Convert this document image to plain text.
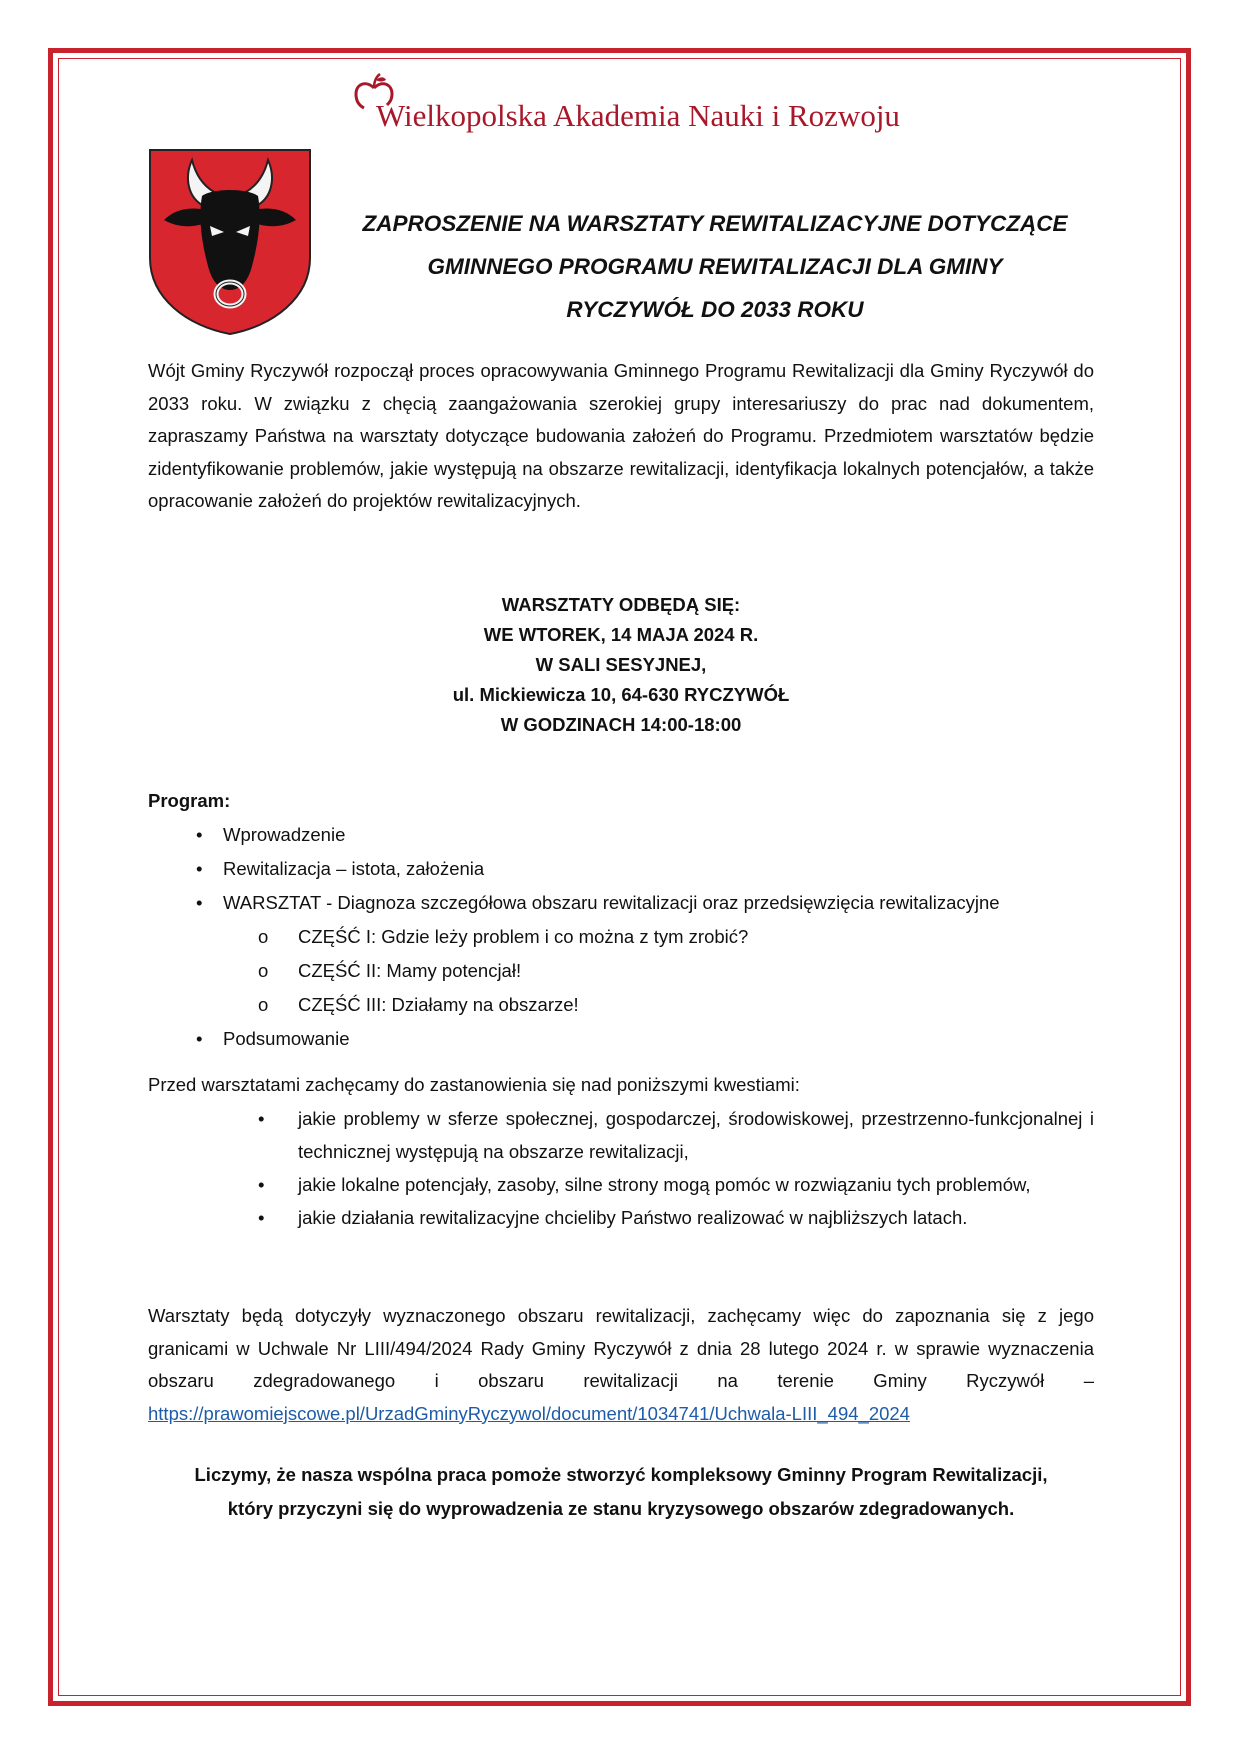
Wielkopolska Akademia Nauki i Rozwoju
ZAPROSZENIE NA WARSZTATY REWITALIZACYJNE DOTYCZĄCE
GMINNEGO PROGRAMU REWITALIZACJI DLA GMINY
RYCZYWÓŁ DO 2033 ROKU
Wójt Gminy Ryczywół rozpoczął proces opracowywania Gminnego Programu Rewitalizacji dla Gminy Ryczywół do 2033 roku. W związku z chęcią zaangażowania szerokiej grupy interesariuszy do prac nad dokumentem, zapraszamy Państwa na warsztaty dotyczące budowania założeń do Programu. Przedmiotem warsztatów będzie zidentyfikowanie problemów, jakie występują na obszarze rewitalizacji, identyfikacja lokalnych potencjałów, a także opracowanie założeń do projektów rewitalizacyjnych.
WARSZTATY ODBĘDĄ SIĘ:
WE WTOREK, 14 MAJA 2024 R.
W SALI SESYJNEJ,
ul. Mickiewicza 10, 64-630 RYCZYWÓŁ
W GODZINACH 14:00-18:00
Program:
• Wprowadzenie
• Rewitalizacja – istota, założenia
• WARSZTAT - Diagnoza szczegółowa obszaru rewitalizacji oraz przedsięwzięcia rewitalizacyjne
o CZĘŚĆ I: Gdzie leży problem i co można z tym zrobić?
o CZĘŚĆ II: Mamy potencjał!
o CZĘŚĆ III: Działamy na obszarze!
• Podsumowanie
Przed warsztatami zachęcamy do zastanowienia się nad poniższymi kwestiami:
• jakie problemy w sferze społecznej, gospodarczej, środowiskowej, przestrzenno-funkcjonalnej i technicznej występują na obszarze rewitalizacji,
• jakie lokalne potencjały, zasoby, silne strony mogą pomóc w rozwiązaniu tych problemów,
• jakie działania rewitalizacyjne chcieliby Państwo realizować w najbliższych latach.
Warsztaty będą dotyczyły wyznaczonego obszaru rewitalizacji, zachęcamy więc do zapoznania się z jego granicami w Uchwale Nr LIII/494/2024 Rady Gminy Ryczywół z dnia 28 lutego 2024 r. w sprawie wyznaczenia obszaru zdegradowanego i obszaru rewitalizacji na terenie Gminy Ryczywół – https://prawomiejscowe.pl/UrzadGminyRyczywol/document/1034741/Uchwala-LIII_494_2024
Liczymy, że nasza wspólna praca pomoże stworzyć kompleksowy Gminny Program Rewitalizacji,
który przyczyni się do wyprowadzenia ze stanu kryzysowego obszarów zdegradowanych.
